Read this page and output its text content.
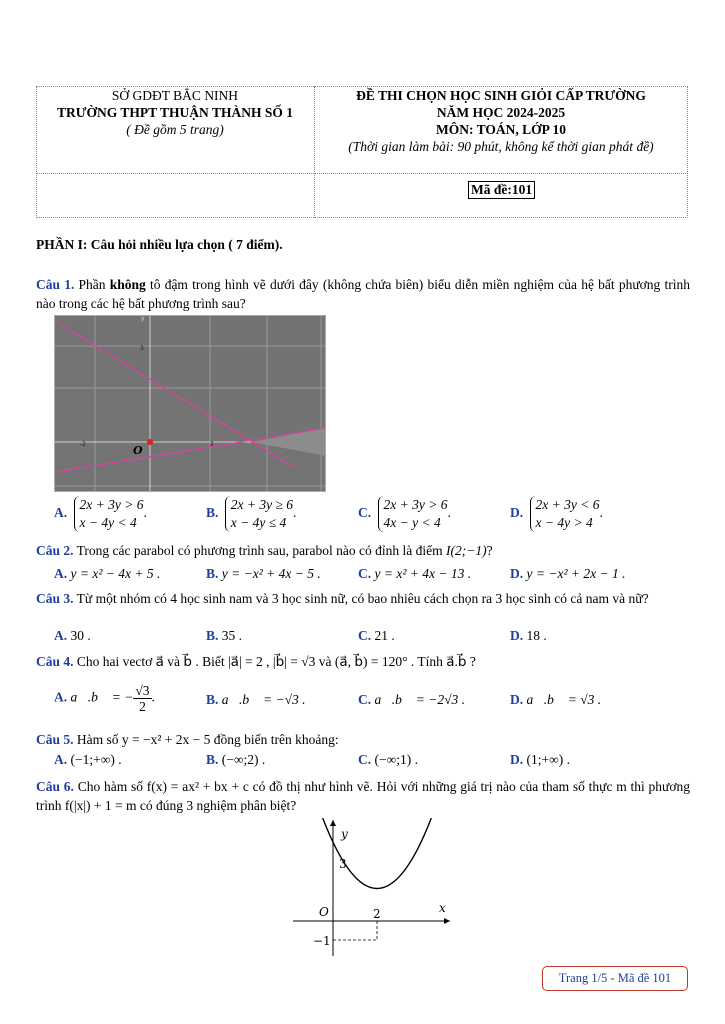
SỞ GDĐT BẮC NINH
TRƯỜNG THPT THUẬN THÀNH SỐ 1
( Đề gồm 5 trang)
ĐỀ THI CHỌN HỌC SINH GIỎI CẤP TRƯỜNG
NĂM HỌC 2024-2025
MÔN: TOÁN, LỚP 10
(Thời gian làm bài: 90 phút, không kể thời gian phát đề)
Mã đề:101
PHẦN I: Câu hỏi nhiều lựa chọn ( 7 điểm).
Câu 1. Phần không tô đậm trong hình vẽ dưới đây (không chứa biên) biểu diễn miền nghiệm của hệ bất phương trình nào trong các hệ bất phương trình sau?
O
y
-2	2
3
A. 2x + 3y > 6
x − 4y < 4.	B. 2x + 3y ≥ 6
x − 4y ≤ 4.	C. 2x + 3y > 6
4x − y < 4.	D. 2x + 3y < 6
x − 4y > 4.
Câu 2. Trong các parabol có phương trình sau, parabol nào có đỉnh là điểm I(2;−1)?
A. y = x² − 4x + 5 .	B. y = −x² + 4x − 5 .	C. y = x² + 4x − 13 .	D. y = −x² + 2x − 1 .
Câu 3. Từ một nhóm có 4 học sinh nam và 3 học sinh nữ, có bao nhiêu cách chọn ra 3 học sinh có cả nam và nữ?
A. 30 .	B. 35 .	C. 21 .	D. 18 .
Câu 4. Cho hai vectơ a⃗ và b⃗ . Biết |a⃗| = 2 , |b⃗| = √3 và (a⃗, b⃗) = 120° . Tính a⃗.b⃗ ?
A. a⃗.b⃗ = − $\frac{√3}{2}$ .	B. a⃗.b⃗ = −√3 .	C. a⃗.b⃗ = −2√3 .	D. a⃗.b⃗ = √3 .
Câu 5. Hàm số y = −x² + 2x − 5 đồng biến trên khoảng:
A. (−1;+∞) .	B. (−∞;2) .	C. (−∞;1) .	D. (1;+∞) .
Câu 6. Cho hàm số f(x) = ax² + bx + c có đồ thị như hình vẽ. Hỏi với những giá trị nào của tham số thực m thì phương trình f(|x|) + 1 = m có đúng 3 nghiệm phân biệt?
y
x
O
3
2
−1
Trang 1/5 - Mã đề 101
